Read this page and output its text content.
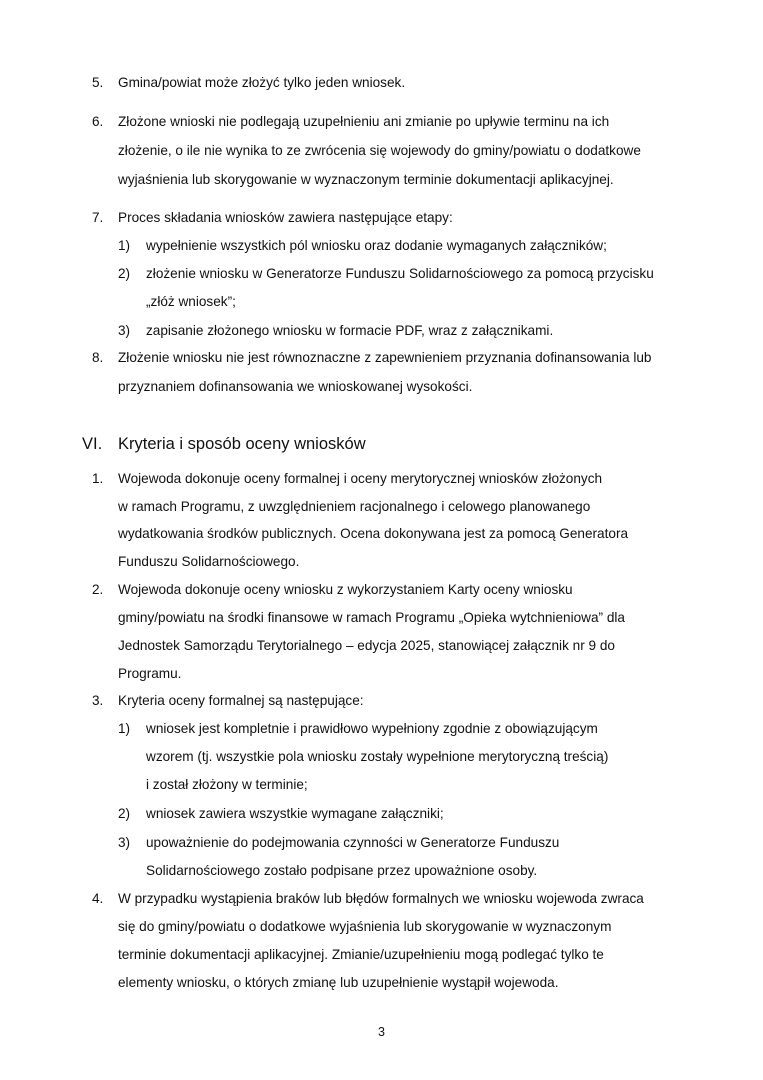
5. Gmina/powiat może złożyć tylko jeden wniosek.
6. Złożone wnioski nie podlegają uzupełnieniu ani zmianie po upływie terminu na ich
złożenie, o ile nie wynika to ze zwrócenia się wojewody do gminy/powiatu o dodatkowe
wyjaśnienia lub skorygowanie w wyznaczonym terminie dokumentacji aplikacyjnej.
7. Proces składania wniosków zawiera następujące etapy:
1) wypełnienie wszystkich pól wniosku oraz dodanie wymaganych załączników;
2) złożenie wniosku w Generatorze Funduszu Solidarnościowego za pomocą przycisku
„złóż wniosek”;
3) zapisanie złożonego wniosku w formacie PDF, wraz z załącznikami.
8. Złożenie wniosku nie jest równoznaczne z zapewnieniem przyznania dofinansowania lub
przyznaniem dofinansowania we wnioskowanej wysokości.
VI. Kryteria i sposób oceny wniosków
1. Wojewoda dokonuje oceny formalnej i oceny merytorycznej wniosków złożonych
w ramach Programu, z uwzględnieniem racjonalnego i celowego planowanego
wydatkowania środków publicznych. Ocena dokonywana jest za pomocą Generatora
Funduszu Solidarnościowego.
2. Wojewoda dokonuje oceny wniosku z wykorzystaniem Karty oceny wniosku
gminy/powiatu na środki finansowe w ramach Programu „Opieka wytchnieniowa” dla
Jednostek Samorządu Terytorialnego – edycja 2025, stanowiącej załącznik nr 9 do
Programu.
3. Kryteria oceny formalnej są następujące:
1) wniosek jest kompletnie i prawidłowo wypełniony zgodnie z obowiązującym
wzorem (tj. wszystkie pola wniosku zostały wypełnione merytoryczną treścią)
i został złożony w terminie;
2) wniosek zawiera wszystkie wymagane załączniki;
3) upoważnienie do podejmowania czynności w Generatorze Funduszu
Solidarnościowego zostało podpisane przez upoważnione osoby.
4. W przypadku wystąpienia braków lub błędów formalnych we wniosku wojewoda zwraca
się do gminy/powiatu o dodatkowe wyjaśnienia lub skorygowanie w wyznaczonym
terminie dokumentacji aplikacyjnej. Zmianie/uzupełnieniu mogą podlegać tylko te
elementy wniosku, o których zmianę lub uzupełnienie wystąpił wojewoda.
3
